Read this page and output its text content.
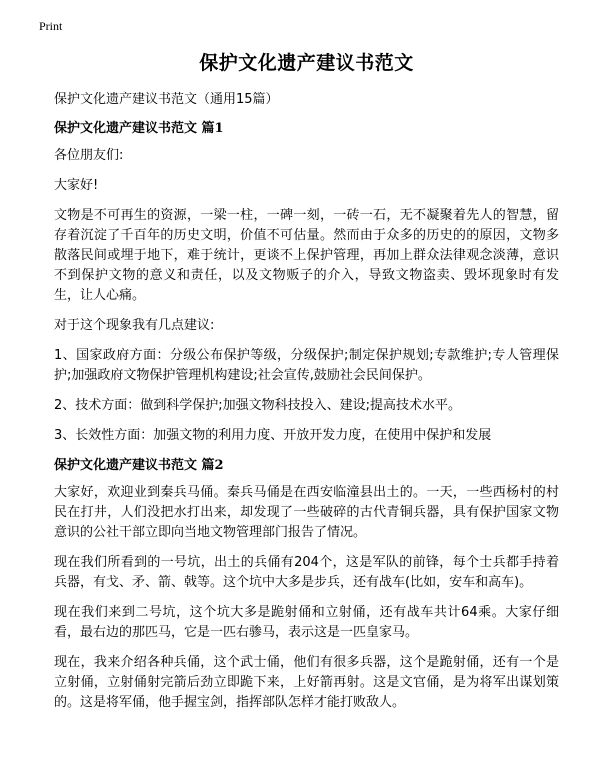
Print
保护文化遗产建议书范文

保护文化遗产建议书范文（通用15篇）

保护文化遗产建议书范文 篇1

各位朋友们:

大家好!

文物是不可再生的资源，一梁一柱，一碑一刻，一砖一石，无不凝聚着先人的智慧，留存着沉淀了千百年的历史文明，价值不可估量。然而由于众多的历史的的原因，文物多散落民间或埋于地下，难于统计，更谈不上保护管理，再加上群众法律观念淡薄，意识不到保护文物的意义和责任，以及文物贩子的介入，导致文物盗卖、毁坏现象时有发生，让人心痛。

对于这个现象我有几点建议:

1、国家政府方面：分级公布保护等级，分级保护;制定保护规划;专款维护;专人管理保护;加强政府文物保护管理机构建设;社会宣传,鼓励社会民间保护。

2、技术方面：做到科学保护;加强文物科技投入、建设;提高技术水平。

3、长效性方面：加强文物的利用力度、开放开发力度，在使用中保护和发展

保护文化遗产建议书范文 篇2

大家好，欢迎业到秦兵马俑。秦兵马俑是在西安临潼县出土的。一天，一些西杨村的村民在打井，人们没把水打出来，却发现了一些破碎的古代青铜兵器，具有保护国家文物意识的公社干部立即向当地文物管理部门报告了情况。

现在我们所看到的一号坑，出土的兵俑有204个，这是军队的前锋，每个士兵都手持着兵器，有戈、矛、箭、戟等。这个坑中大多是步兵，还有战车(比如，安车和高车)。

现在我们来到二号坑，这个坑大多是跪射俑和立射俑，还有战车共计64乘。大家仔细看，最右边的那匹马，它是一匹右骖马，表示这是一匹皇家马。

现在，我来介绍各种兵俑，这个武士俑，他们有很多兵器，这个是跪射俑，还有一个是立射俑，立射俑射完箭后劲立即跪下来，上好箭再射。这是文官俑，是为将军出谋划策的。这是将军俑，他手握宝剑，指挥部队怎样才能打败敌人。
